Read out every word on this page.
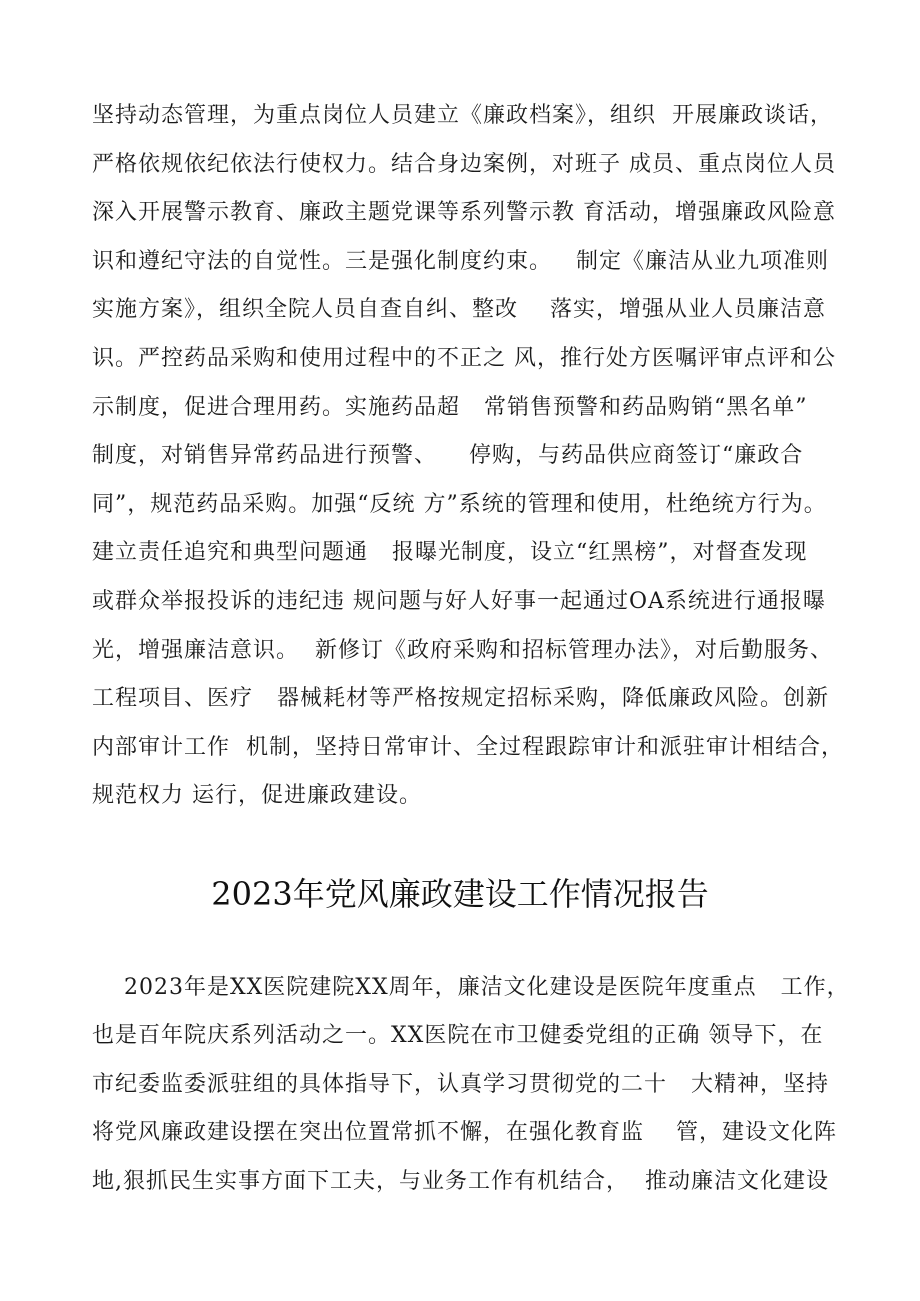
坚持动态管理，为重点岗位人员建立《廉政档案》，组织  开展廉政谈话，
严格依规依纪依法行使权力。结合身边案例，对班子 成员、重点岗位人员
深入开展警示教育、廉政主题党课等系列警示教 育活动，增强廉政风险意
识和遵纪守法的自觉性。三是强化制度约束。   制定《廉洁从业九项准则
实施方案》，组织全院人员自查自纠、整改    落实，增强从业人员廉洁意
识。严控药品采购和使用过程中的不正之 风，推行处方医嘱评审点评和公
示制度，促进合理用药。实施药品超   常销售预警和药品购销“黑名单”
制度，对销售异常药品进行预警、    停购，与药品供应商签订“廉政合
同”，规范药品采购。加强“反统 方”系统的管理和使用，杜绝统方行为。
建立责任追究和典型问题通   报曝光制度，设立“红黑榜”，对督查发现
或群众举报投诉的违纪违 规问题与好人好事一起通过OA系统进行通报曝
光，增强廉洁意识。  新修订《政府采购和招标管理办法》，对后勤服务、
工程项目、医疗   器械耗材等严格按规定招标采购，降低廉政风险。创新
内部审计工作  机制，坚持日常审计、全过程跟踪审计和派驻审计相结合，
规范权力 运行，促进廉政建设。
2023年党风廉政建设工作情况报告
2023年是XX医院建院XX周年，廉洁文化建设是医院年度重点   工作，
也是百年院庆系列活动之一。XX医院在市卫健委党组的正确 领导下，在
市纪委监委派驻组的具体指导下，认真学习贯彻党的二十   大精神，坚持
将党风廉政建设摆在突出位置常抓不懈，在强化教育监    管，建设文化阵
地,狠抓民生实事方面下工夫，与业务工作有机结合，  推动廉洁文化建设
